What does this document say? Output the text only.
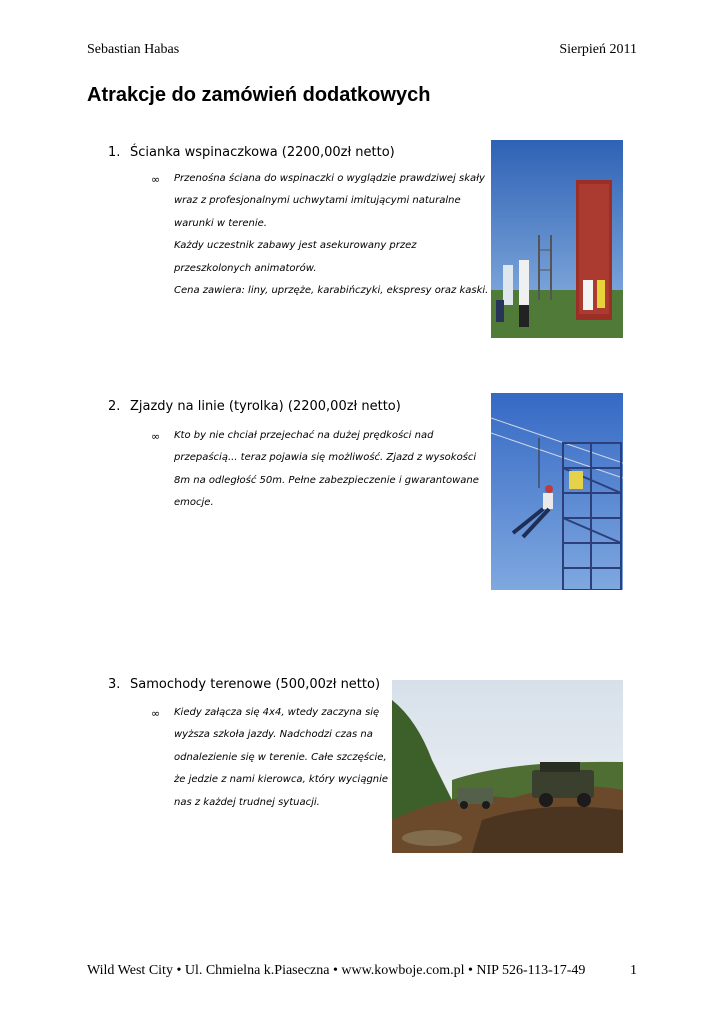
Sebastian Habas	Sierpień 2011
Atrakcje do zamówień dodatkowych
1. Ścianka wspinaczkowa (2200,00zł netto)
∞ Przenośna ściana do wspinaczki o wyglądzie prawdziwej skały
wraz z profesjonalnymi uchwytami imitującymi naturalne
warunki w terenie.
Każdy uczestnik zabawy jest asekurowany przez
przeszkolonych animatorów.
Cena zawiera: liny, uprzęże, karabińczyki, ekspresy oraz kaski.
2. Zjazdy na linie (tyrolka) (2200,00zł netto)
∞ Kto by nie chciał przejechać na dużej prędkości nad
przepaścią... teraz pojawia się możliwość. Zjazd z wysokości
8m na odległość 50m. Pełne zabezpieczenie i gwarantowane
emocje.
3. Samochody terenowe (500,00zł netto)
∞ Kiedy załącza się 4x4, wtedy zaczyna się
wyższa szkoła jazdy. Nadchodzi czas na
odnalezienie się w terenie. Całe szczęście,
że jedzie z nami kierowca, który wyciągnie
nas z każdej trudnej sytuacji.
Wild West City • Ul. Chmielna k.Piaseczna • www.kowboje.com.pl • NIP 526-113-17-49	1
